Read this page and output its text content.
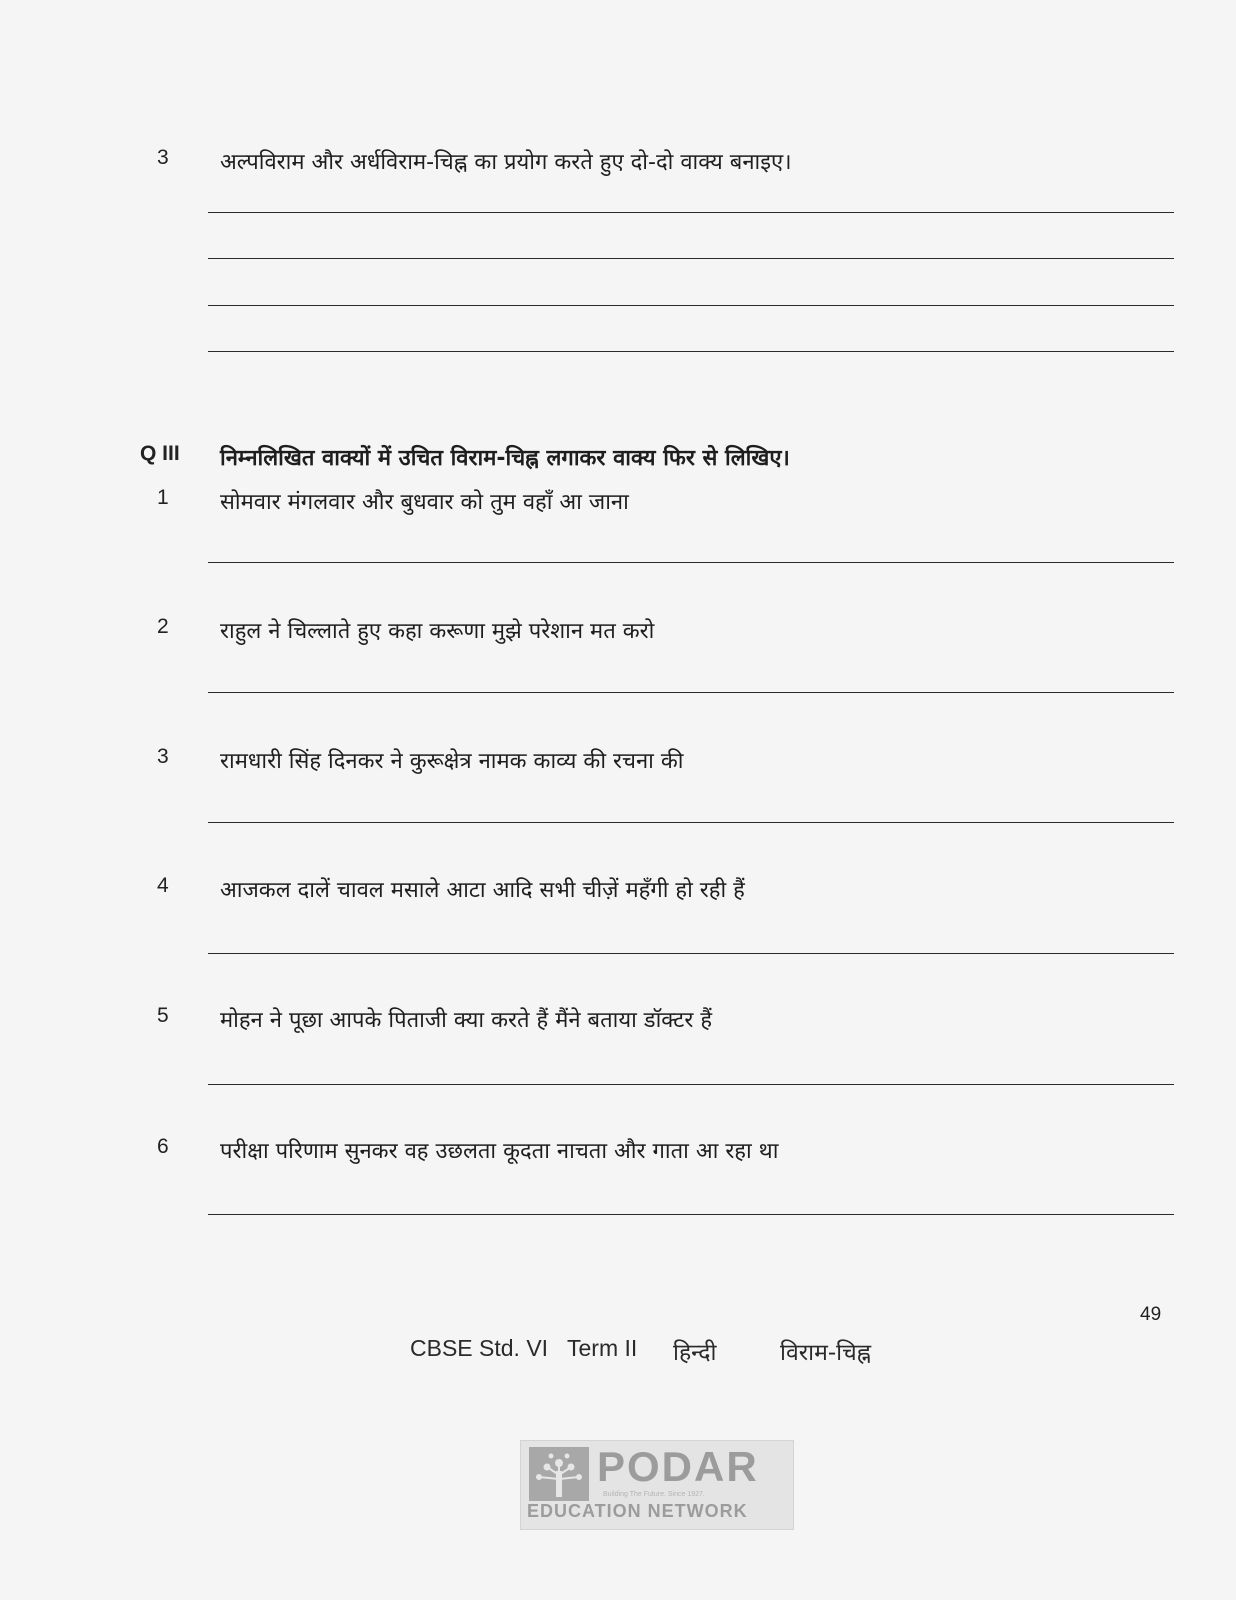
3 अल्पविराम और अर्धविराम-चिह्न का प्रयोग करते हुए दो-दो वाक्य बनाइए।
Q III निम्नलिखित वाक्यों में उचित विराम-चिह्न लगाकर वाक्य फिर से लिखिए।
1 सोमवार मंगलवार और बुधवार को तुम वहाँ आ जाना
2 राहुल ने चिल्लाते हुए कहा करूणा मुझे परेशान मत करो
3 रामधारी सिंह दिनकर ने कुरूक्षेत्र नामक काव्य की रचना की
4 आजकल दालें चावल मसाले आटा आदि सभी चीज़ें महँगी हो रही हैं
5 मोहन ने पूछा आपके पिताजी क्या करते हैं मैंने बताया डॉक्टर हैं
6 परीक्षा परिणाम सुनकर वह उछलता कूदता नाचता और गाता आ रहा था
49
CBSE Std. VI Term II हिन्दी	विराम-चिह्न
PODAR
Building The Future. Since 1927.
EDUCATION NETWORK
